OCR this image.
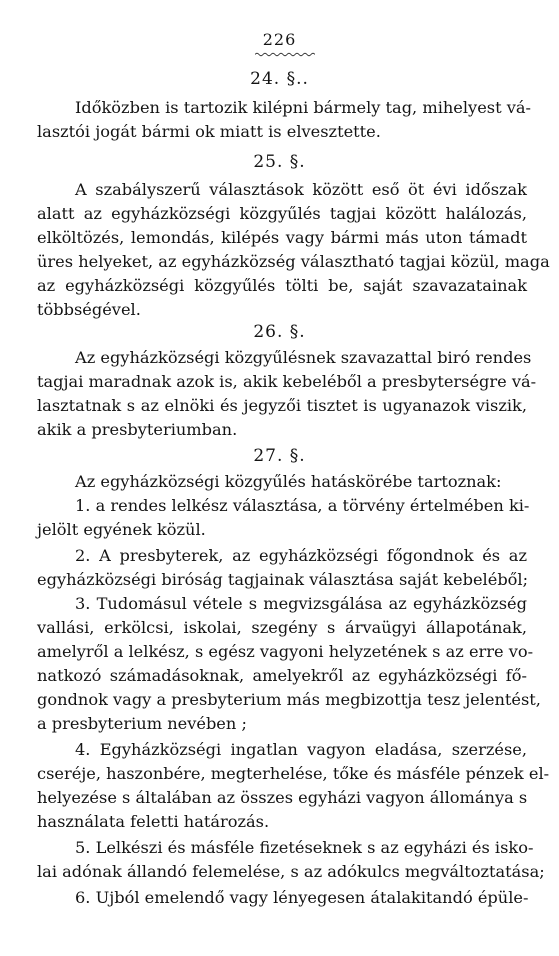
226
24. §..
Időközben is tartozik kilépni bármely tag, mihelyest vá-
lasztói jogát bármi ok miatt is elvesztette.
25. §.
A szabályszerű választások között eső öt évi időszak
alatt az egyházközségi közgyűlés tagjai között halálozás,
elköltözés, lemondás, kilépés vagy bármi más uton támadt
üres helyeket, az egyházközség választható tagjai közül, maga
az egyházközségi közgyűlés tölti be, saját szavazatainak
többségével.
26. §.
Az egyházközségi közgyűlésnek szavazattal biró rendes
tagjai maradnak azok is, akik kebeléből a presbyterségre vá-
lasztatnak s az elnöki és jegyzői tisztet is ugyanazok viszik,
akik a presbyteriumban.
27. §.
Az egyházközségi közgyűlés hatáskörébe tartoznak:
1. a rendes lelkész választása, a törvény értelmében ki-
jelölt egyének közül.
2. A presbyterek, az egyházközségi főgondnok és az
egyházközségi biróság tagjainak választása saját kebeléből;
3. Tudomásul vétele s megvizsgálása az egyházközség
vallási, erkölcsi, iskolai, szegény s árvaügyi állapotának,
amelyről a lelkész, s egész vagyoni helyzetének s az erre vo-
natkozó számadásoknak, amelyekről az egyházközségi fő-
gondnok vagy a presbyterium más megbizottja tesz jelentést,
a presbyterium nevében ;
4. Egyházközségi ingatlan vagyon eladása, szerzése,
cseréje, haszonbére, megterhelése, tőke és másféle pénzek el-
helyezése s általában az összes egyházi vagyon állománya s
használata feletti határozás.
5. Lelkészi és másféle fizetéseknek s az egyházi és isko-
lai adónak állandó felemelése, s az adókulcs megváltoztatása;
6. Ujból emelendő vagy lényegesen átalakitandó épüle-
